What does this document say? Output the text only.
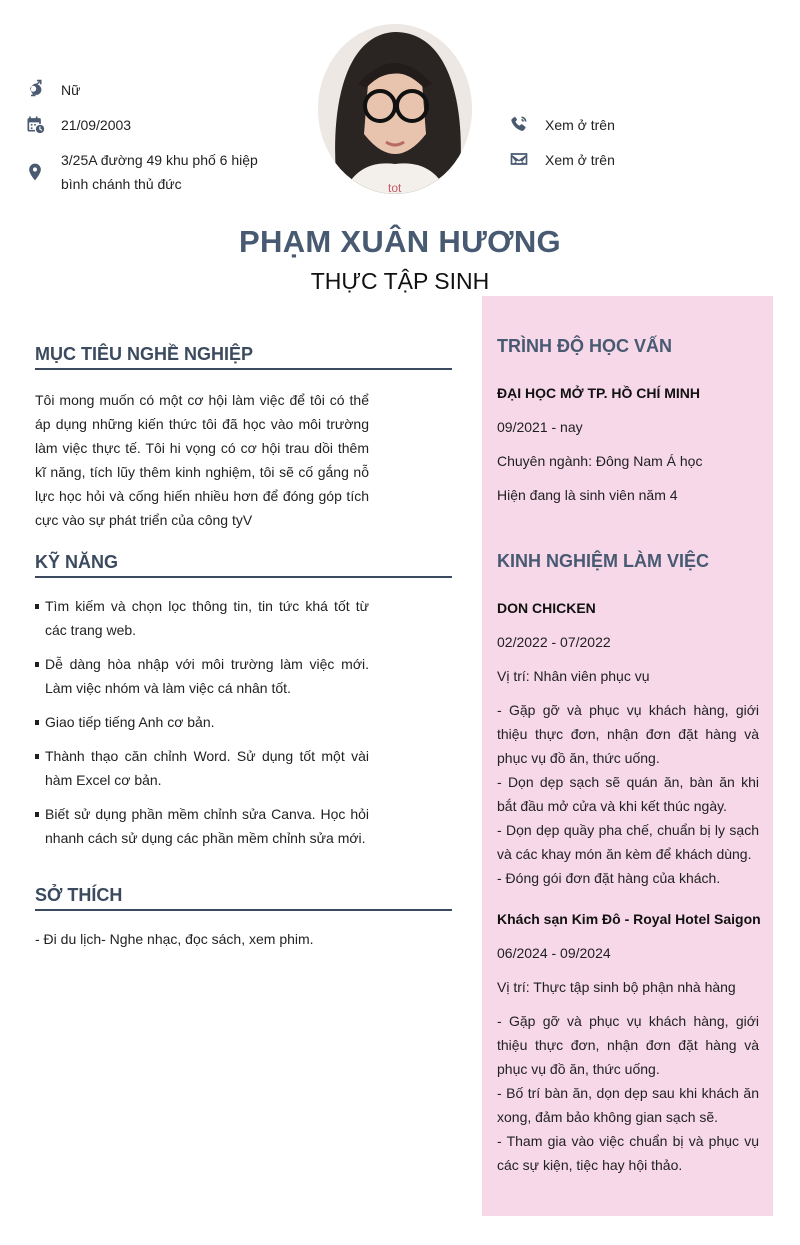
Nữ
21/09/2003
3/25A đường 49 khu phố 6 hiệp
bình chánh thủ đức	tot
Xem ở trên
Xem ở trên
PHẠM XUÂN HƯƠNG
THỰC TẬP SINH
MỤC TIÊU NGHỀ NGHIỆP
Tôi mong muốn có một cơ hội làm việc để tôi có thể
áp dụng những kiến thức tôi đã học vào môi trường
làm việc thực tế. Tôi hi vọng có cơ hội trau dồi thêm
kĩ năng, tích lũy thêm kinh nghiệm, tôi sẽ cố gắng nỗ
lực học hỏi và cống hiến nhiều hơn để đóng góp tích
cực vào sự phát triển của công tyV
KỸ NĂNG
Tìm kiếm và chọn lọc thông tin, tin tức khá tốt từ các trang web.
Dễ dàng hòa nhập với môi trường làm việc mới. Làm việc nhóm và làm việc cá nhân tốt.
Giao tiếp tiếng Anh cơ bản.
Thành thạo căn chỉnh Word. Sử dụng tốt một vài hàm Excel cơ bản.
Biết sử dụng phần mềm chỉnh sửa Canva. Học hỏi nhanh cách sử dụng các phần mềm chỉnh sửa mới.
SỞ THÍCH
- Đi du lịch- Nghe nhạc, đọc sách, xem phim.
TRÌNH ĐỘ HỌC VẤN
ĐẠI HỌC MỞ TP. HỒ CHÍ MINH
09/2021 - nay
Chuyên ngành: Đông Nam Á học
Hiện đang là sinh viên năm 4
KINH NGHIỆM LÀM VIỆC
DON CHICKEN
02/2022 - 07/2022
Vị trí: Nhân viên phục vụ
- Gặp gỡ và phục vụ khách hàng, giới thiệu thực đơn, nhận đơn đặt hàng và phục vụ đồ ăn, thức uống.
- Dọn dẹp sạch sẽ quán ăn, bàn ăn khi bắt đầu mở cửa và khi kết thúc ngày.
- Dọn dẹp quầy pha chế, chuẩn bị ly sạch và các khay món ăn kèm để khách dùng.
- Đóng gói đơn đặt hàng của khách.
Khách sạn Kim Đô - Royal Hotel Saigon
06/2024 - 09/2024
Vị trí: Thực tập sinh bộ phận nhà hàng
- Gặp gỡ và phục vụ khách hàng, giới thiệu thực đơn, nhận đơn đặt hàng và phục vụ đồ ăn, thức uống.
- Bố trí bàn ăn, dọn dẹp sau khi khách ăn xong, đảm bảo không gian sạch sẽ.
- Tham gia vào việc chuẩn bị và phục vụ các sự kiện, tiệc hay hội thảo.
